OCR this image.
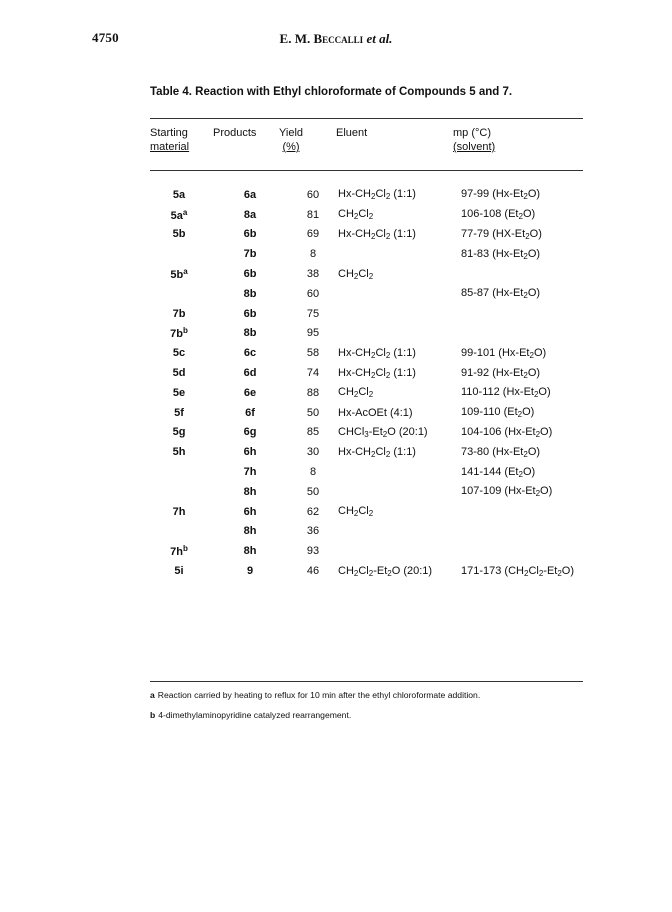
4750	E. M. Beccalli et al.
Table 4. Reaction with Ethyl chloroformate of Compounds 5 and 7.
Starting
material
Products	Yield
(%)
Eluent	mp (°C)
(solvent)
5a	6a	60	$Hx-CH_2Cl_2$ (1:1)	97-99 $(Hx-Et_2O)$
$5a^a$	8a	81	$CH_2Cl_2$	106-108 $(Et_2O)$
5b	6b	69	$Hx-CH_2Cl_2$ (1:1)	77-79 $(HX-Et_2O)$
	7b	8		81-83 $(Hx-Et_2O)$
$5b^a$	6b	38	$CH_2Cl_2$	
	8b	60		85-87 $(Hx-Et_2O)$
7b	6b	75		
$7b^b$	8b	95		
5c	6c	58	$Hx-CH_2Cl_2$ (1:1)	99-101 $(Hx-Et_2O)$
5d	6d	74	$Hx-CH_2Cl_2$ (1:1)	91-92 $(Hx-Et_2O)$
5e	6e	88	$CH_2Cl_2$	110-112 $(Hx-Et_2O)$
5f	6f	50	Hx-AcOEt (4:1)	109-110 $(Et_2O)$
5g	6g	85	$CHCl_3-Et_2O$ (20:1)	104-106 $(Hx-Et_2O)$
5h	6h	30	$Hx-CH_2Cl_2$ (1:1)	73-80 $(Hx-Et_2O)$
	7h	8		141-144 $(Et_2O)$
	8h	50		107-109 $(Hx-Et_2O)$
7h	6h	62	$CH_2Cl_2$	
	8h	36		
$7h^b$	8h	93		
5i	9	46	$CH_2Cl_2-Et_2O$ (20:1)	171-173 $(CH_2Cl_2-Et_2O)$
a Reaction carried by heating to reflux for 10 min after the ethyl chloroformate addition.
b 4-dimethylaminopyridine catalyzed rearrangement.
